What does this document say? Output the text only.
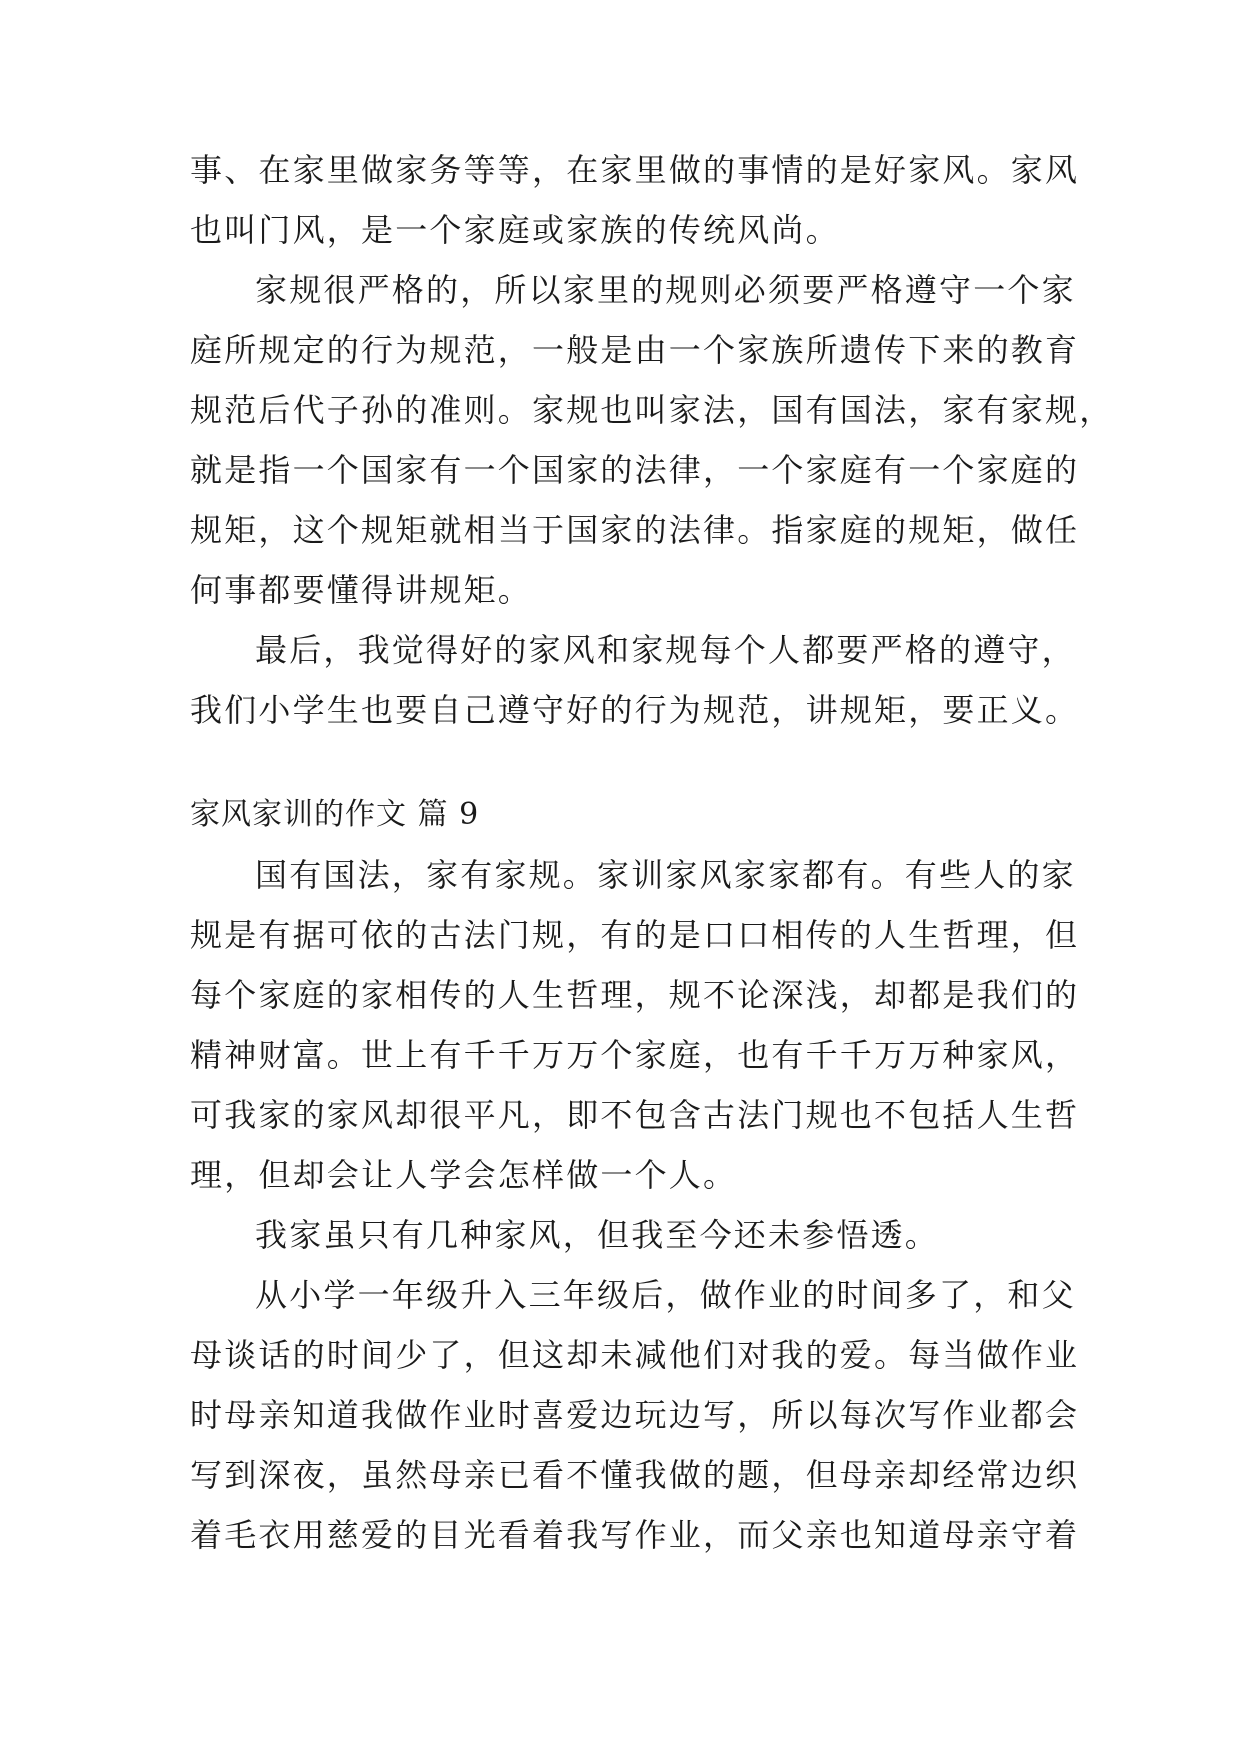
事、在家里做家务等等，在家里做的事情的是好家风。家风
也叫门风，是一个家庭或家族的传统风尚。
家规很严格的，所以家里的规则必须要严格遵守一个家
庭所规定的行为规范，一般是由一个家族所遗传下来的教育
规范后代子孙的准则。家规也叫家法，国有国法，家有家规，
就是指一个国家有一个国家的法律，一个家庭有一个家庭的
规矩，这个规矩就相当于国家的法律。指家庭的规矩，做任
何事都要懂得讲规矩。
最后，我觉得好的家风和家规每个人都要严格的遵守，
我们小学生也要自己遵守好的行为规范，讲规矩，要正义。
家风家训的作文 篇 9
国有国法，家有家规。家训家风家家都有。有些人的家
规是有据可依的古法门规，有的是口口相传的人生哲理，但
每个家庭的家相传的人生哲理，规不论深浅，却都是我们的
精神财富。世上有千千万万个家庭，也有千千万万种家风，
可我家的家风却很平凡，即不包含古法门规也不包括人生哲
理，但却会让人学会怎样做一个人。
我家虽只有几种家风，但我至今还未参悟透。
从小学一年级升入三年级后，做作业的时间多了，和父
母谈话的时间少了，但这却未减他们对我的爱。每当做作业
时母亲知道我做作业时喜爱边玩边写，所以每次写作业都会
写到深夜，虽然母亲已看不懂我做的题，但母亲却经常边织
着毛衣用慈爱的目光看着我写作业，而父亲也知道母亲守着
